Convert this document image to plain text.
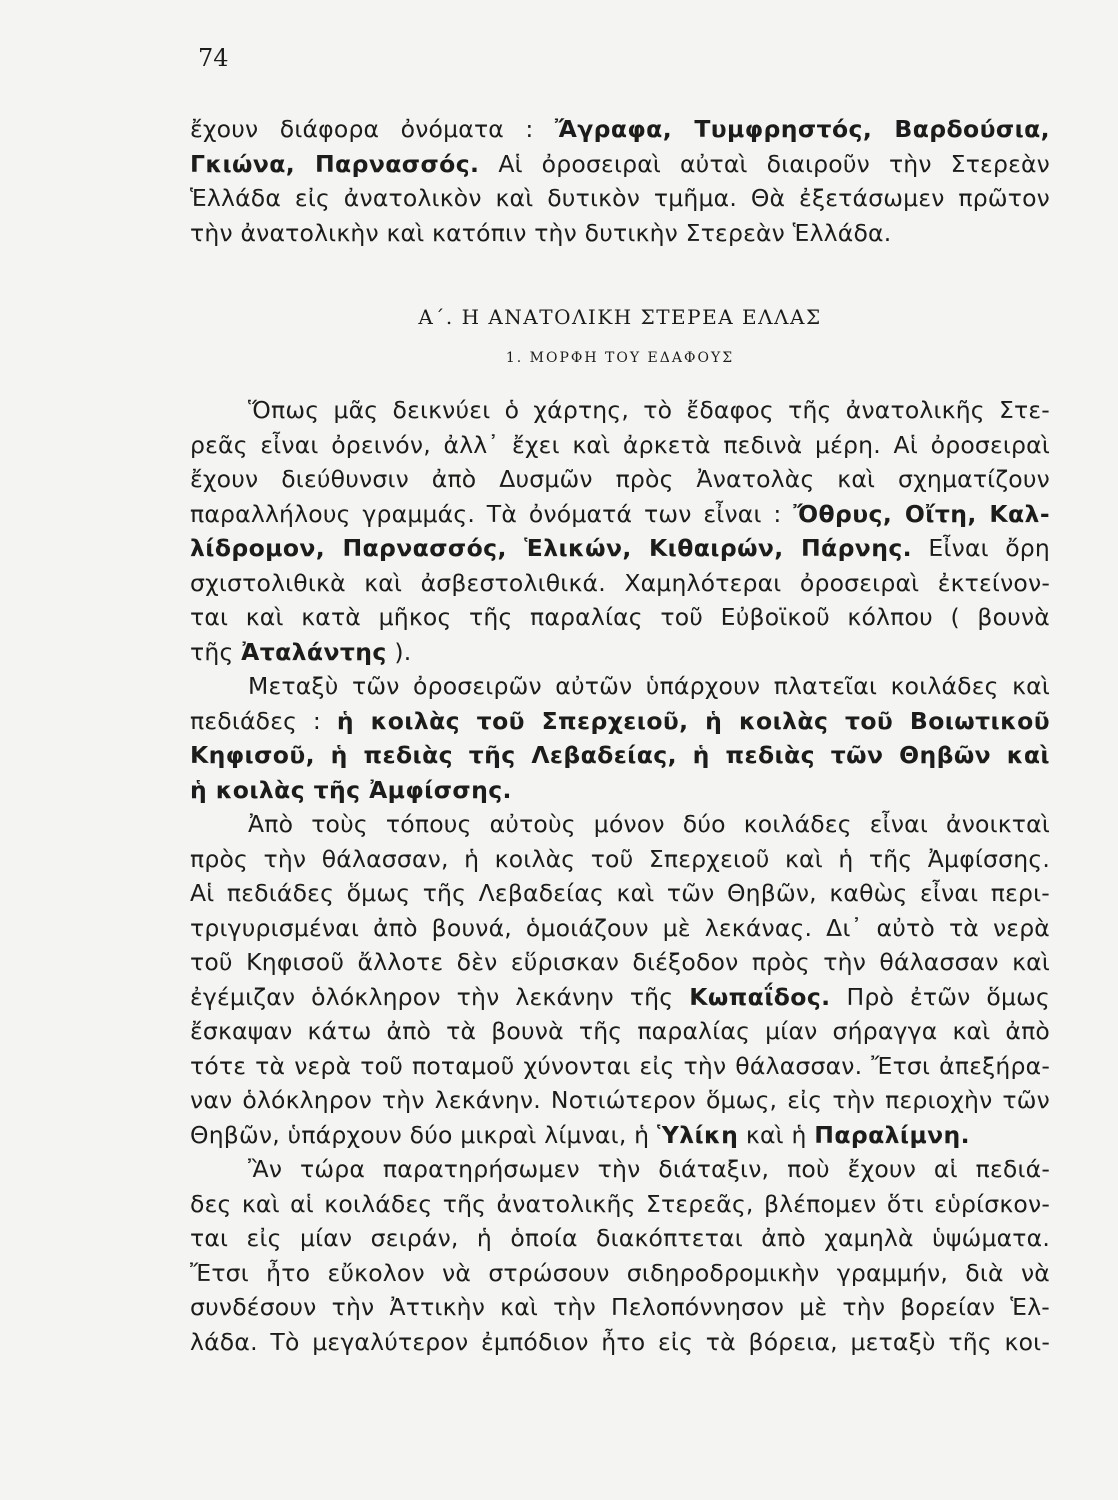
74
ἔχουν διάφορα ὀνόματα : Ἄγραφα, Τυμφρηστός, Βαρδούσια,
Γκιώνα, Παρνασσός. Αἱ ὀροσειραὶ αὐταὶ διαιροῦν τὴν Στερεὰν
Ἑλλάδα εἰς ἀνατολικὸν καὶ δυτικὸν τμῆμα. Θὰ ἐξετάσωμεν πρῶτον
τὴν ἀνατολικὴν καὶ κατόπιν τὴν δυτικὴν Στερεὰν Ἑλλάδα.
Α΄. Η ΑΝΑΤΟΛΙΚΗ ΣΤΕΡΕΑ ΕΛΛΑΣ
1. ΜΟΡΦΗ ΤΟΥ ΕΔΑΦΟΥΣ
Ὅπως μᾶς δεικνύει ὁ χάρτης, τὸ ἔδαφος τῆς ἀνατολικῆς Στε-
ρεᾶς εἶναι ὀρεινόν, ἀλλ᾽ ἔχει καὶ ἀρκετὰ πεδινὰ μέρη. Αἱ ὀροσειραὶ
ἔχουν διεύθυνσιν ἀπὸ Δυσμῶν πρὸς Ἀνατολὰς καὶ σχηματίζουν
παραλλήλους γραμμάς. Τὰ ὀνόματά των εἶναι : Ὄθρυς, Οἴτη, Καλ-
λίδρομον, Παρνασσός, Ἑλικών, Κιθαιρών, Πάρνης. Εἶναι ὄρη
σχιστολιθικὰ καὶ ἀσβεστολιθικά. Χαμηλότεραι ὀροσειραὶ ἐκτείνον-
ται καὶ κατὰ μῆκος τῆς παραλίας τοῦ Εὐβοϊκοῦ κόλπου ( βουνὰ
τῆς Ἀταλάντης ).
Μεταξὺ τῶν ὀροσειρῶν αὐτῶν ὑπάρχουν πλατεῖαι κοιλάδες καὶ
πεδιάδες : ἡ κοιλὰς τοῦ Σπερχειοῦ, ἡ κοιλὰς τοῦ Βοιωτικοῦ
Κηφισοῦ, ἡ πεδιὰς τῆς Λεβαδείας, ἡ πεδιὰς τῶν Θηβῶν καὶ
ἡ κοιλὰς τῆς Ἀμφίσσης.
Ἀπὸ τοὺς τόπους αὐτοὺς μόνον δύο κοιλάδες εἶναι ἀνοικταὶ
πρὸς τὴν θάλασσαν, ἡ κοιλὰς τοῦ Σπερχειοῦ καὶ ἡ τῆς Ἀμφίσσης.
Αἱ πεδιάδες ὅμως τῆς Λεβαδείας καὶ τῶν Θηβῶν, καθὼς εἶναι περι-
τριγυρισμέναι ἀπὸ βουνά, ὁμοιάζουν μὲ λεκάνας. Δι᾽ αὐτὸ τὰ νερὰ
τοῦ Κηφισοῦ ἄλλοτε δὲν εὕρισκαν διέξοδον πρὸς τὴν θάλασσαν καὶ
ἐγέμιζαν ὁλόκληρον τὴν λεκάνην τῆς Κωπαΐδος. Πρὸ ἐτῶν ὅμως
ἔσκαψαν κάτω ἀπὸ τὰ βουνὰ τῆς παραλίας μίαν σήραγγα καὶ ἀπὸ
τότε τὰ νερὰ τοῦ ποταμοῦ χύνονται εἰς τὴν θάλασσαν. Ἔτσι ἀπεξήρα-
ναν ὁλόκληρον τὴν λεκάνην. Νοτιώτερον ὅμως, εἰς τὴν περιοχὴν τῶν
Θηβῶν, ὑπάρχουν δύο μικραὶ λίμναι, ἡ Ὑλίκη καὶ ἡ Παραλίμνη.
Ἂν τώρα παρατηρήσωμεν τὴν διάταξιν, ποὺ ἔχουν αἱ πεδιά-
δες καὶ αἱ κοιλάδες τῆς ἀνατολικῆς Στερεᾶς, βλέπομεν ὅτι εὑρίσκον-
ται εἰς μίαν σειράν, ἡ ὁποία διακόπτεται ἀπὸ χαμηλὰ ὑψώματα.
Ἔτσι ἦτο εὔκολον νὰ στρώσουν σιδηροδρομικὴν γραμμήν, διὰ νὰ
συνδέσουν τὴν Ἀττικὴν καὶ τὴν Πελοπόννησον μὲ τὴν βορείαν Ἑλ-
λάδα. Τὸ μεγαλύτερον ἐμπόδιον ἦτο εἰς τὰ βόρεια, μεταξὺ τῆς κοι-
